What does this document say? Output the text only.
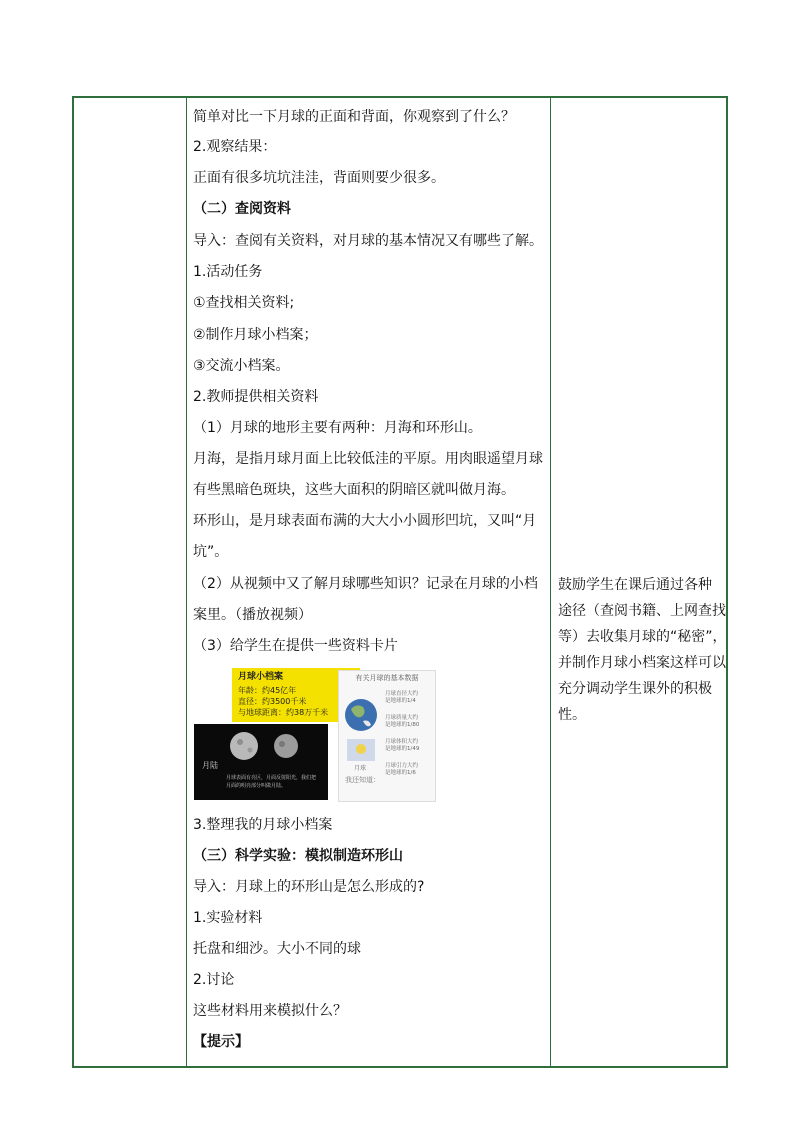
简单对比一下月球的正面和背面，你观察到了什么？
2.观察结果：
正面有很多坑坑洼洼，背面则要少很多。
（二）查阅资料
导入：查阅有关资料，对月球的基本情况又有哪些了解。
1.活动任务
①查找相关资料;
②制作月球小档案；
③交流小档案。
2.教师提供相关资料
（1）月球的地形主要有两种：月海和环形山。
月海，是指月球月面上比较低洼的平原。用肉眼遥望月球
有些黑暗色斑块，这些大面积的阴暗区就叫做月海。
环形山，是月球表面布满的大大小小圆形凹坑，又叫“月
坑”。
（2）从视频中又了解月球哪些知识？记录在月球的小档
案里。（播放视频）
（3）给学生在提供一些资料卡片
月球小档案
年龄：约45亿年
直径：约3500千米
与地球距离：约38万千米
月陆
月球表面有亮区，月面反射阳光，我们把
月面的明亮部分叫做月陆。
有关月球的基本数据
月球直径大约
是地球的1/4
月球质量大约
是地球的1/80
月球体积大约
是地球的1/49
月球引力大约
是地球的1/6
月球
我还知道：
3.整理我的月球小档案
（三）科学实验：模拟制造环形山
导入：月球上的环形山是怎么形成的?
1.实验材料
托盘和细沙。大小不同的球
2.讨论
这些材料用来模拟什么？
【提示】
鼓励学生在课后通过各种
途径（查阅书籍、上网查找
等）去收集月球的“秘密”，
并制作月球小档案这样可以
充分调动学生课外的积极
性。
